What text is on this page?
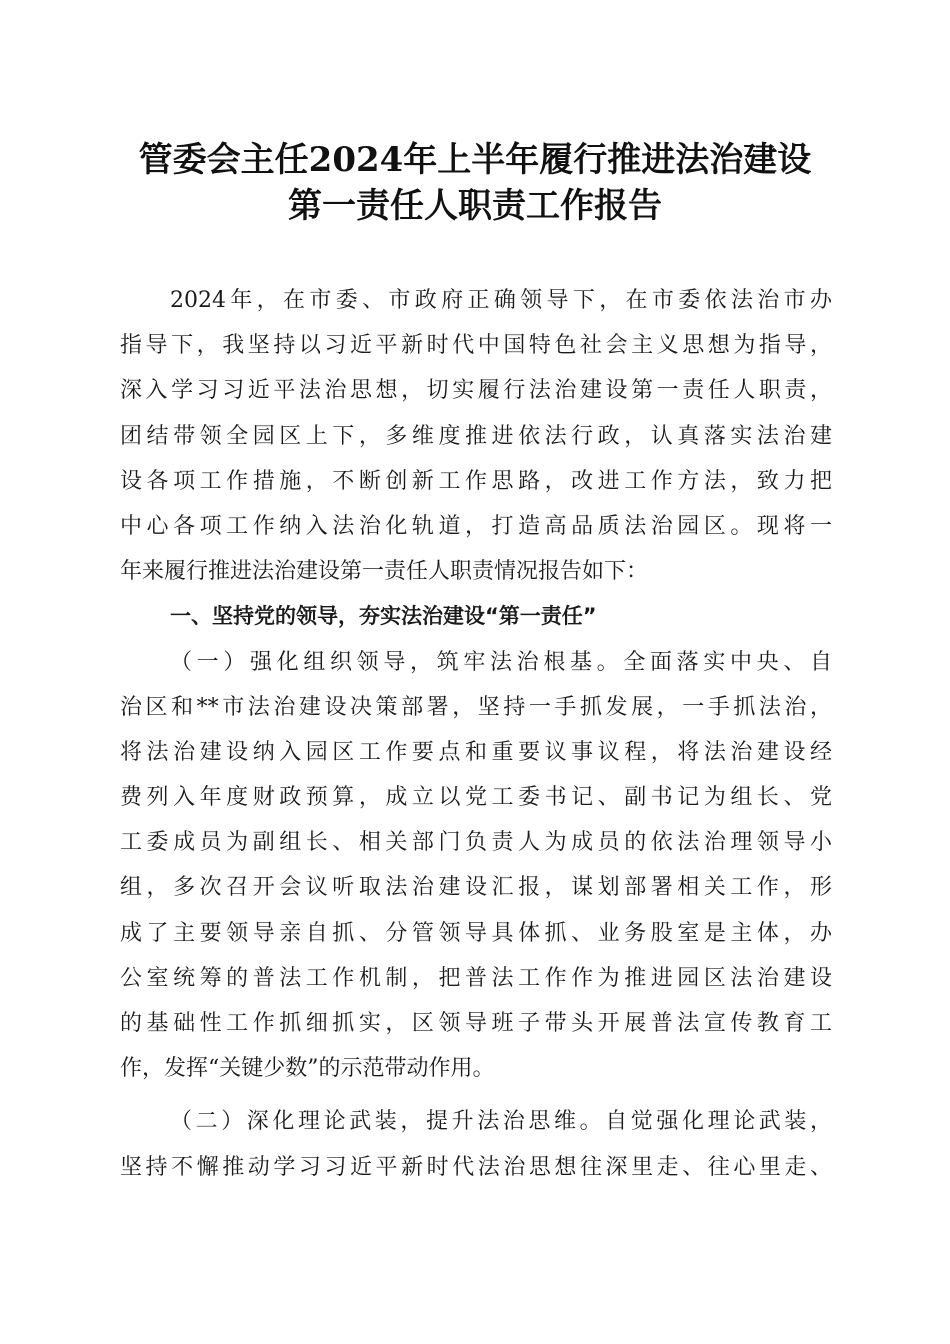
管委会主任2024年上半年履行推进法治建设
第一责任人职责工作报告
2024年，在市委、市政府正确领导下，在市委依法治市办
指导下，我坚持以习近平新时代中国特色社会主义思想为指导，
深入学习习近平法治思想，切实履行法治建设第一责任人职责，
团结带领全园区上下，多维度推进依法行政，认真落实法治建
设各项工作措施，不断创新工作思路，改进工作方法，致力把
中心各项工作纳入法治化轨道，打造高品质法治园区。现将一
年来履行推进法治建设第一责任人职责情况报告如下：
一、坚持党的领导，夯实法治建设“第一责任”
（一）强化组织领导，筑牢法治根基。全面落实中央、自
治区和**市法治建设决策部署，坚持一手抓发展，一手抓法治，
将法治建设纳入园区工作要点和重要议事议程，将法治建设经
费列入年度财政预算，成立以党工委书记、副书记为组长、党
工委成员为副组长、相关部门负责人为成员的依法治理领导小
组，多次召开会议听取法治建设汇报，谋划部署相关工作，形
成了主要领导亲自抓、分管领导具体抓、业务股室是主体，办
公室统筹的普法工作机制，把普法工作作为推进园区法治建设
的基础性工作抓细抓实，区领导班子带头开展普法宣传教育工
作，发挥“关键少数”的示范带动作用。
（二）深化理论武装，提升法治思维。自觉强化理论武装，
坚持不懈推动学习习近平新时代法治思想往深里走、往心里走、
